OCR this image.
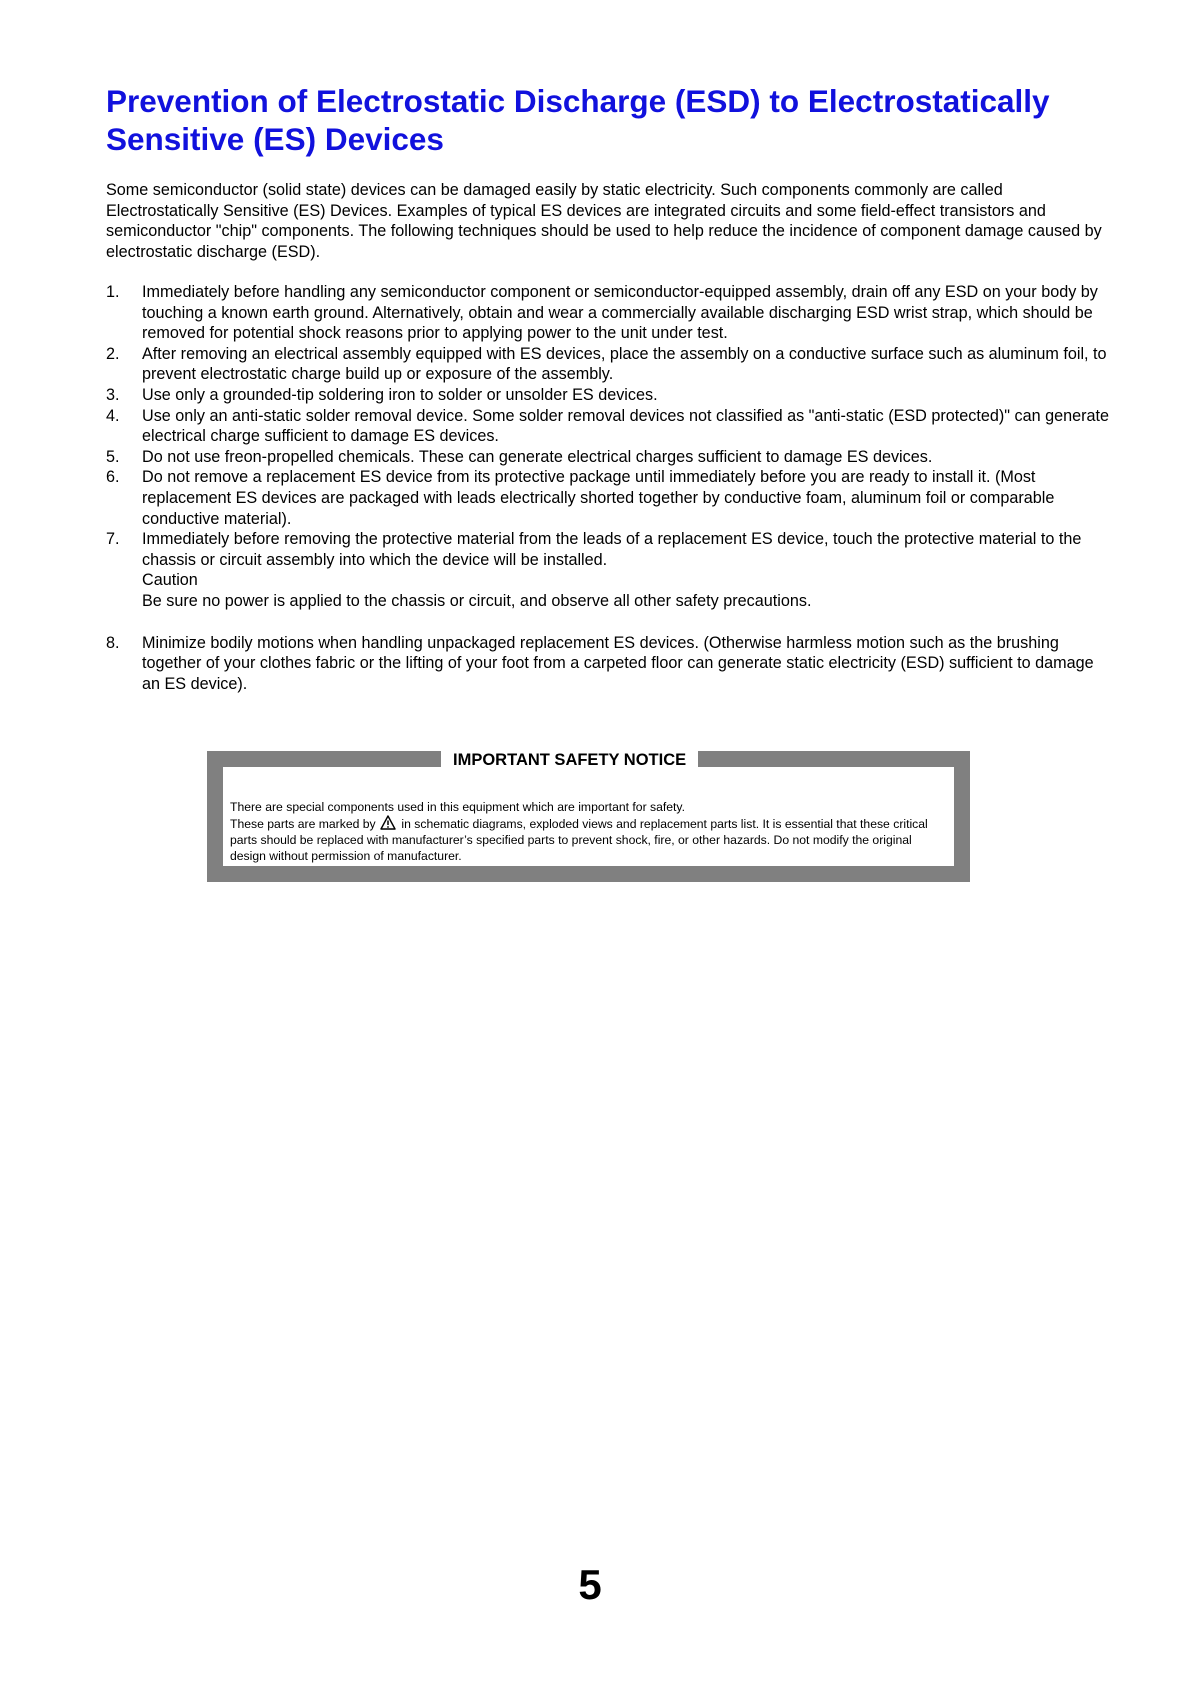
Prevention of Electrostatic Discharge (ESD) to Electrostatically Sensitive (ES) Devices

Some semiconductor (solid state) devices can be damaged easily by static electricity. Such components commonly are called Electrostatically Sensitive (ES) Devices. Examples of typical ES devices are integrated circuits and some field-effect transistors and semiconductor "chip" components. The following techniques should be used to help reduce the incidence of component damage caused by electrostatic discharge (ESD).

1. Immediately before handling any semiconductor component or semiconductor-equipped assembly, drain off any ESD on your body by touching a known earth ground. Alternatively, obtain and wear a commercially available discharging ESD wrist strap, which should be removed for potential shock reasons prior to applying power to the unit under test.
2. After removing an electrical assembly equipped with ES devices, place the assembly on a conductive surface such as aluminum foil, to prevent electrostatic charge build up or exposure of the assembly.
3. Use only a grounded-tip soldering iron to solder or unsolder ES devices.
4. Use only an anti-static solder removal device. Some solder removal devices not classified as "anti-static (ESD protected)" can generate electrical charge sufficient to damage ES devices.
5. Do not use freon-propelled chemicals. These can generate electrical charges sufficient to damage ES devices.
6. Do not remove a replacement ES device from its protective package until immediately before you are ready to install it. (Most replacement ES devices are packaged with leads electrically shorted together by conductive foam, aluminum foil or comparable conductive material).
7. Immediately before removing the protective material from the leads of a replacement ES device, touch the protective material to the chassis or circuit assembly into which the device will be installed.
Caution
Be sure no power is applied to the chassis or circuit, and observe all other safety precautions.
8. Minimize bodily motions when handling unpackaged replacement ES devices. (Otherwise harmless motion such as the brushing together of your clothes fabric or the lifting of your foot from a carpeted floor can generate static electricity (ESD) sufficient to damage an ES device).

There are special components used in this equipment which are important for safety.
These parts are marked by in schematic diagrams, exploded views and replacement parts list. It is essential that these critical parts should be replaced with manufacturer’s specified parts to prevent shock, fire, or other hazards. Do not modify the original design without permission of manufacturer.

IMPORTANT SAFETY NOTICE
5
